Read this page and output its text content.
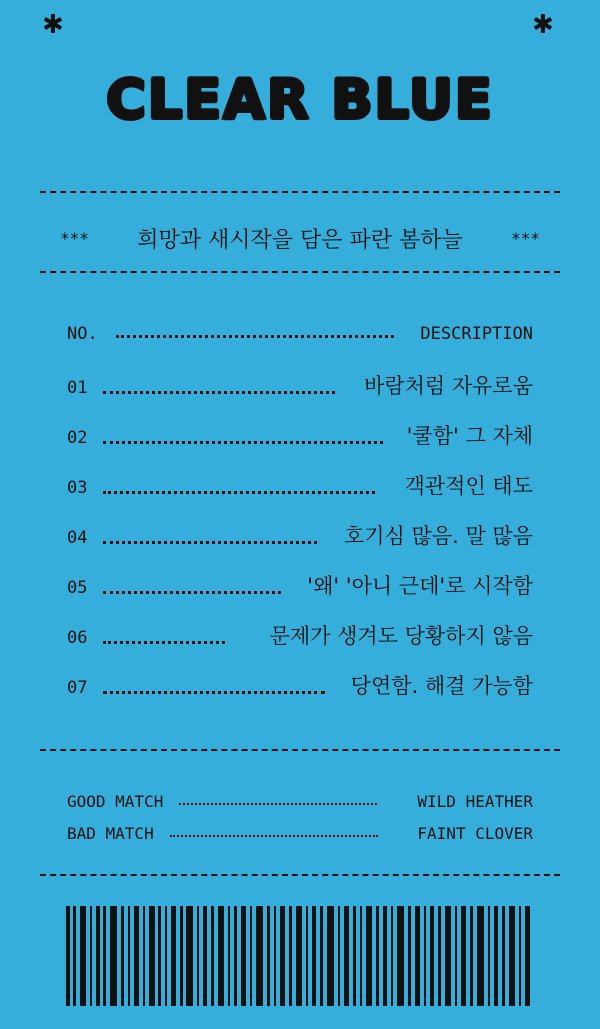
✱	✱
CLEAR BLUE
*** 희망과 새시작을 담은 파란 봄하늘	***
NO.	DESCRIPTION
01	바람처럼 자유로움
02	'쿨함' 그 자체
03	객관적인 태도
04	호기심 많음. 말 많음
05	'왜' '아니 근데'로 시작함
06	문제가 생겨도 당황하지 않음
07	당연함. 해결 가능함
GOOD MATCH	WILD HEATHER
BAD MATCH	FAINT CLOVER
